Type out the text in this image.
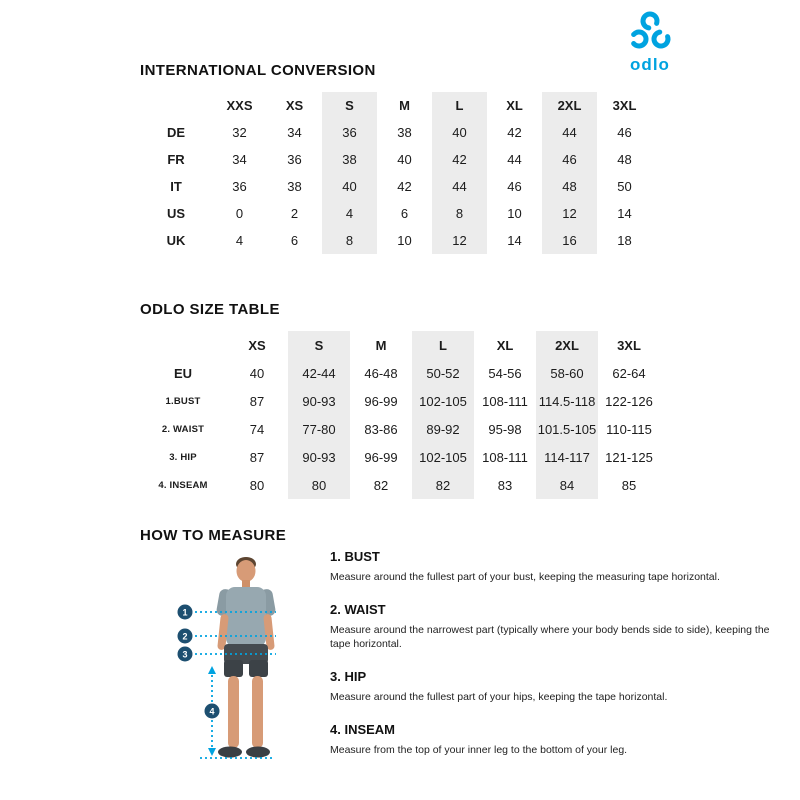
odlo
INTERNATIONAL CONVERSION
	XXS	XS	S	M	L	XL	2XL	3XL
DE	32	34	36	38	40	42	44	46
FR	34	36	38	40	42	44	46	48
IT	36	38	40	42	44	46	48	50
US	0	2	4	6	8	10	12	14
UK	4	6	8	10	12	14	16	18
ODLO SIZE TABLE
	XS	S	M	L	XL	2XL	3XL
EU	40	42-44	46-48	50-52	54-56	58-60	62-64
1.BUST	87	90-93	96-99	102-105	108-111	114.5-118	122-126
2. WAIST	74	77-80	83-86	89-92	95-98	101.5-105	110-115
3. HIP	87	90-93	96-99	102-105	108-111	114-117	121-125
4. INSEAM	80	80	82	82	83	84	85
HOW TO MEASURE
1
2
3
4
1. BUST

Measure around the fullest part of your bust, keeping the measuring tape horizontal.

2. WAIST

Measure around the narrowest part (typically where your body bends side to side), keeping the tape horizontal.

3. HIP

Measure around the fullest part of your hips, keeping the tape horizontal.

4. INSEAM

Measure from the top of your inner leg to the bottom of your leg.
